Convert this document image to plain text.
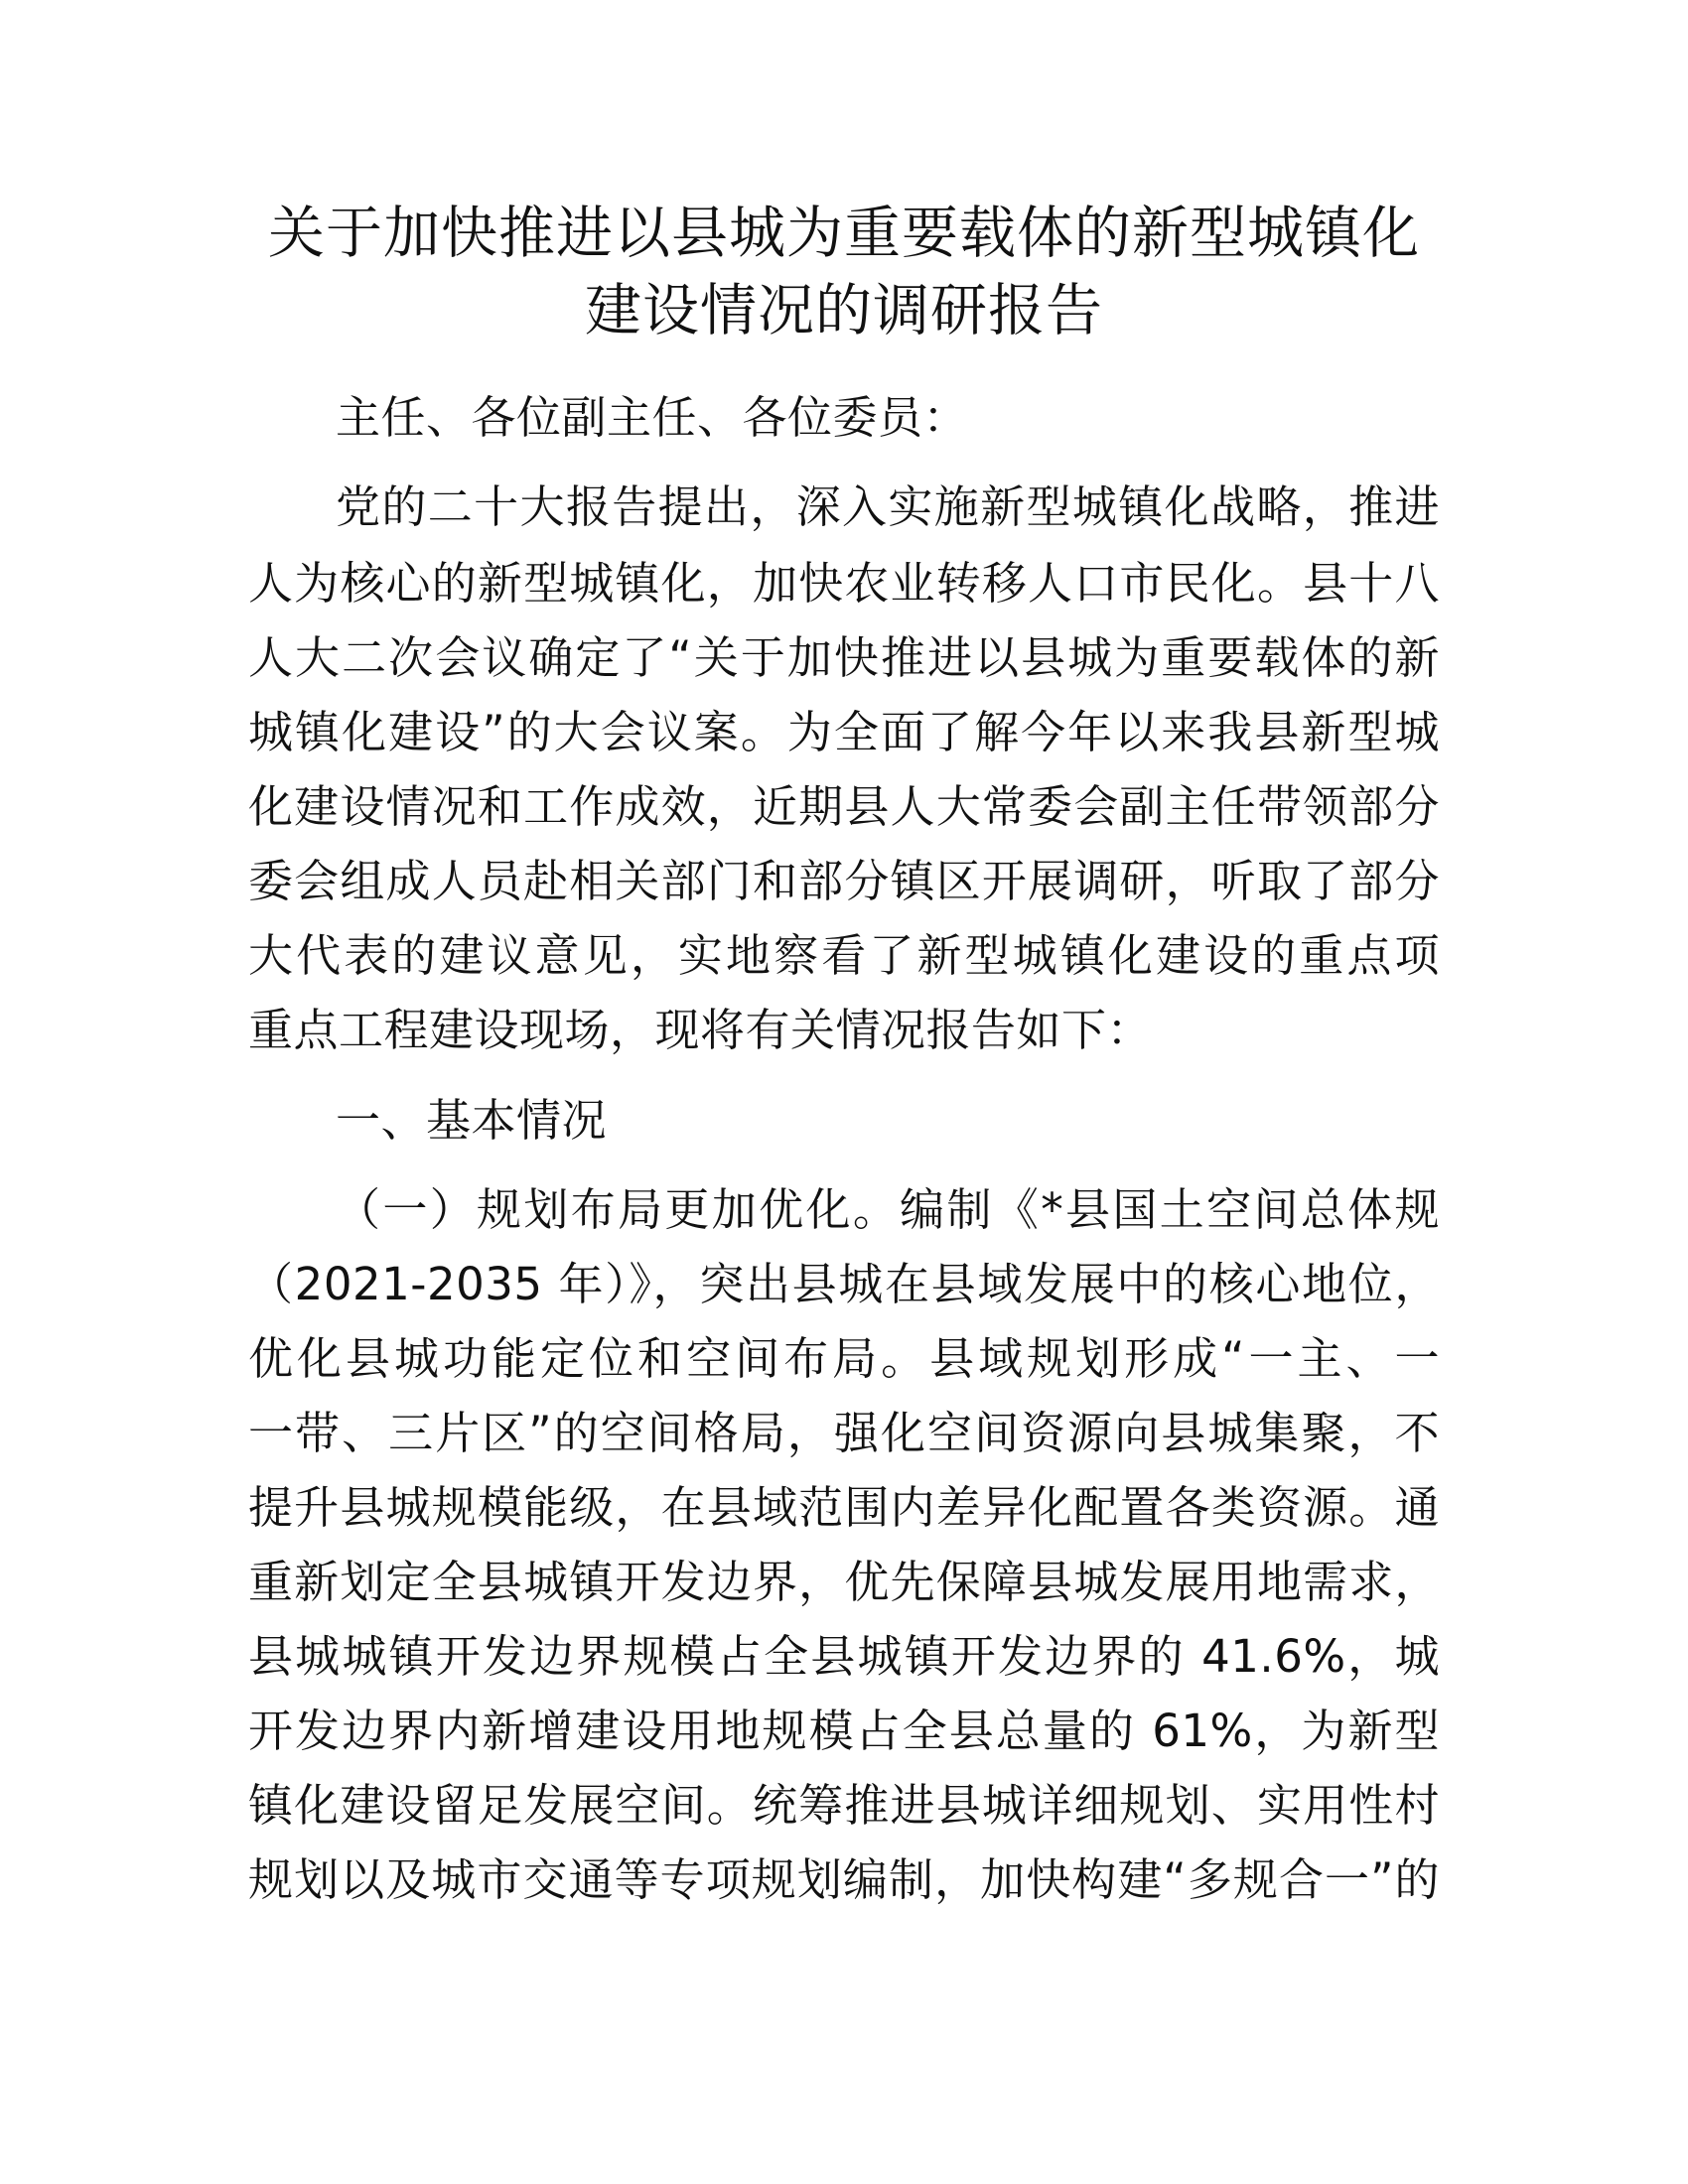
关于加快推进以县城为重要载体的新型城镇化
建设情况的调研报告
主任、各位副主任、各位委员：
党的二十大报告提出，深入实施新型城镇化战略，推进
人为核心的新型城镇化，加快农业转移人口市民化。县十八
人大二次会议确定了“关于加快推进以县城为重要载体的新
城镇化建设”的大会议案。为全面了解今年以来我县新型城
化建设情况和工作成效，近期县人大常委会副主任带领部分
委会组成人员赴相关部门和部分镇区开展调研，听取了部分
大代表的建议意见，实地察看了新型城镇化建设的重点项
重点工程建设现场，现将有关情况报告如下：
一、基本情况
（一）规划布局更加优化。编制《*县国土空间总体规
（2021-2035 年）》，突出县城在县域发展中的核心地位，
优化县城功能定位和空间布局。县域规划形成“一主、一
一带、三片区”的空间格局，强化空间资源向县城集聚，不
提升县城规模能级，在县域范围内差异化配置各类资源。通
重新划定全县城镇开发边界，优先保障县城发展用地需求，
县城城镇开发边界规模占全县城镇开发边界的 41.6%，城
开发边界内新增建设用地规模占全县总量的 61%，为新型
镇化建设留足发展空间。统筹推进县城详细规划、实用性村
规划以及城市交通等专项规划编制，加快构建“多规合一”的
